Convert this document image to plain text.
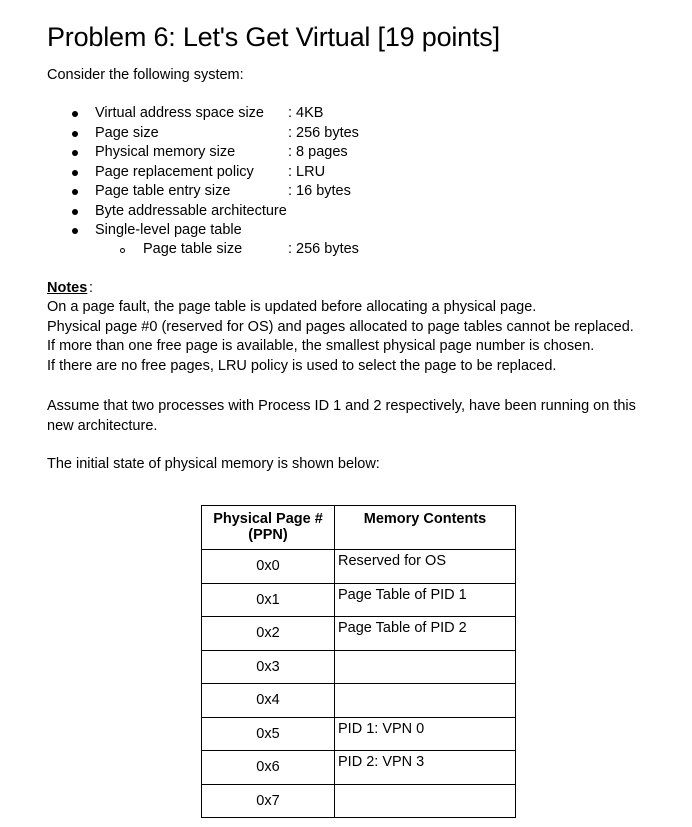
Problem 6: Let's Get Virtual [19 points]
Consider the following system:
Virtual address space size : 4KB
Page size	: 256 bytes
Physical memory size	: 8 pages
Page replacement policy : LRU
Page table entry size	: 16 bytes
Byte addressable architecture
Single-level page table
Page table size	: 256 bytes
Notes :
On a page fault, the page table is updated before allocating a physical page.
Physical page #0 (reserved for OS) and pages allocated to page tables cannot be replaced.
If more than one free page is available, the smallest physical page number is chosen.
If there are no free pages, LRU policy is used to select the page to be replaced.
Assume that two processes with Process ID 1 and 2 respectively, have been running on this new architecture.
The initial state of physical memory is shown below:
Physical Page # (PPN)	Memory Contents
0x0	Reserved for OS
0x1	Page Table of PID 1
0x2	Page Table of PID 2
0x3	
0x4	
0x5	PID 1: VPN 0
0x6	PID 2: VPN 3
0x7	
